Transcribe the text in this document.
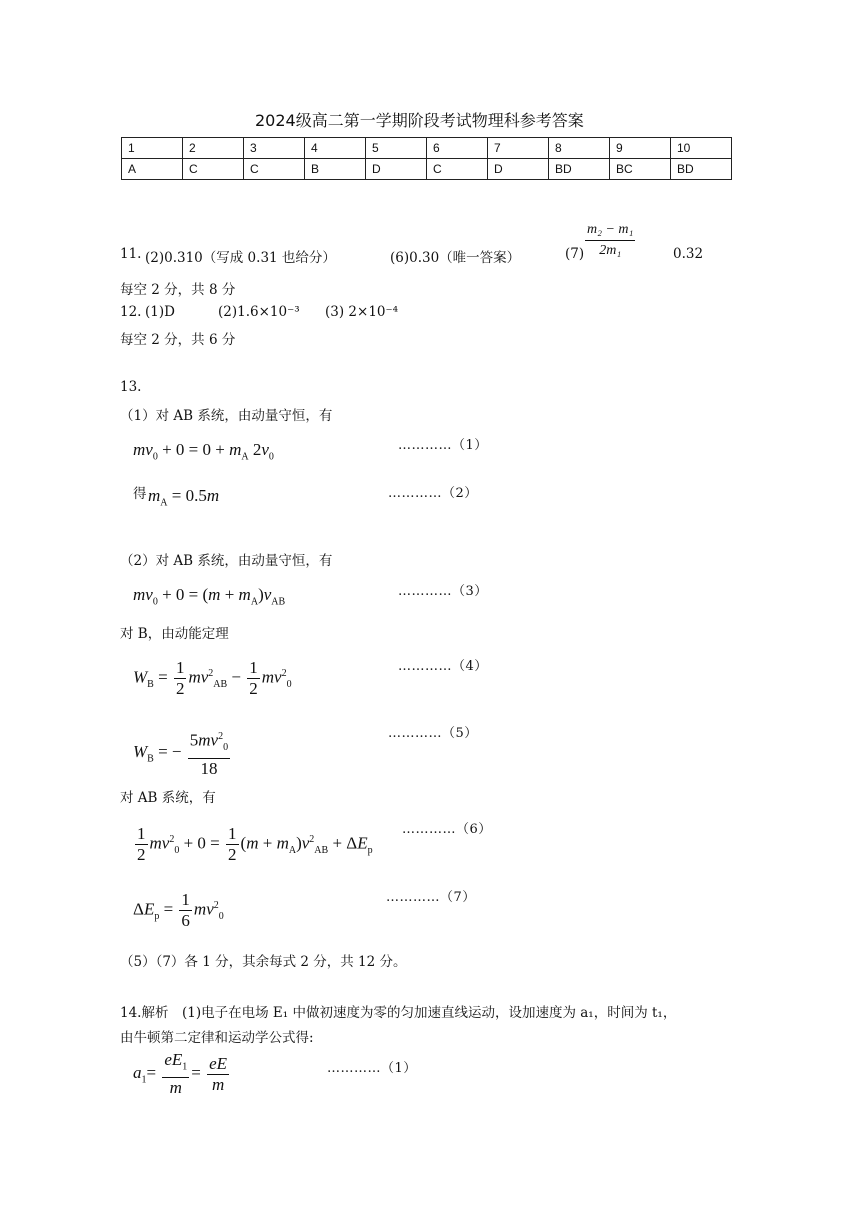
2024级高二第一学期阶段考试物理科参考答案
1	2	3	4	5	6	7	8	9	10
A	C	C	B	D	C	D	BD	BC	BD
11. (2)0.310（写成 0.31 也给分）	(6)0.30（唯一答案）	$(7) \frac{\text{m₂ − m₁}}{\text{2m₁}}$	0.32
每空 2 分，共 8 分
12. (1)D	(2)1.6×10⁻³ (3) 2×10⁻⁴
每空 2 分，共 6 分
13.
（1）对 AB 系统，由动量守恒，有
$mv_0 + 0 = 0 + m_A$ $2v_0$
…………（1）
得 $m_A = 0.5m$	…………（2）
（2）对 AB 系统，由动量守恒，有
$mv_0 + 0 = (m + m_A)v_{AB}$
…………（3）
对 B，由动能定理
$W_B = \frac{1}{2} mv^2_{AB} - \frac{1}{2} mv^2_0$
…………（4）
$W_B$ = − $\frac{5mv^2_0}{18}$	…………（5）
对 AB 系统，有
$\frac{1}{2} mv^2_0 + 0 = \frac{1}{2} (m + m_A)v^2_{AB} + \Delta E_p$
…………（6）
$\Delta E_p = \frac{1}{6} mv^2_0$
…………（7）
（5）（7）各 1 分，其余每式 2 分，共 12 分。
14.解析　(1)电子在电场 E₁ 中做初速度为零的匀加速直线运动，设加速度为 a₁，时间为 t₁，
由牛顿第二定律和运动学公式得:
$a_1= \frac{eE_1}{m} = \frac{eE}{m}$	…………（1）
